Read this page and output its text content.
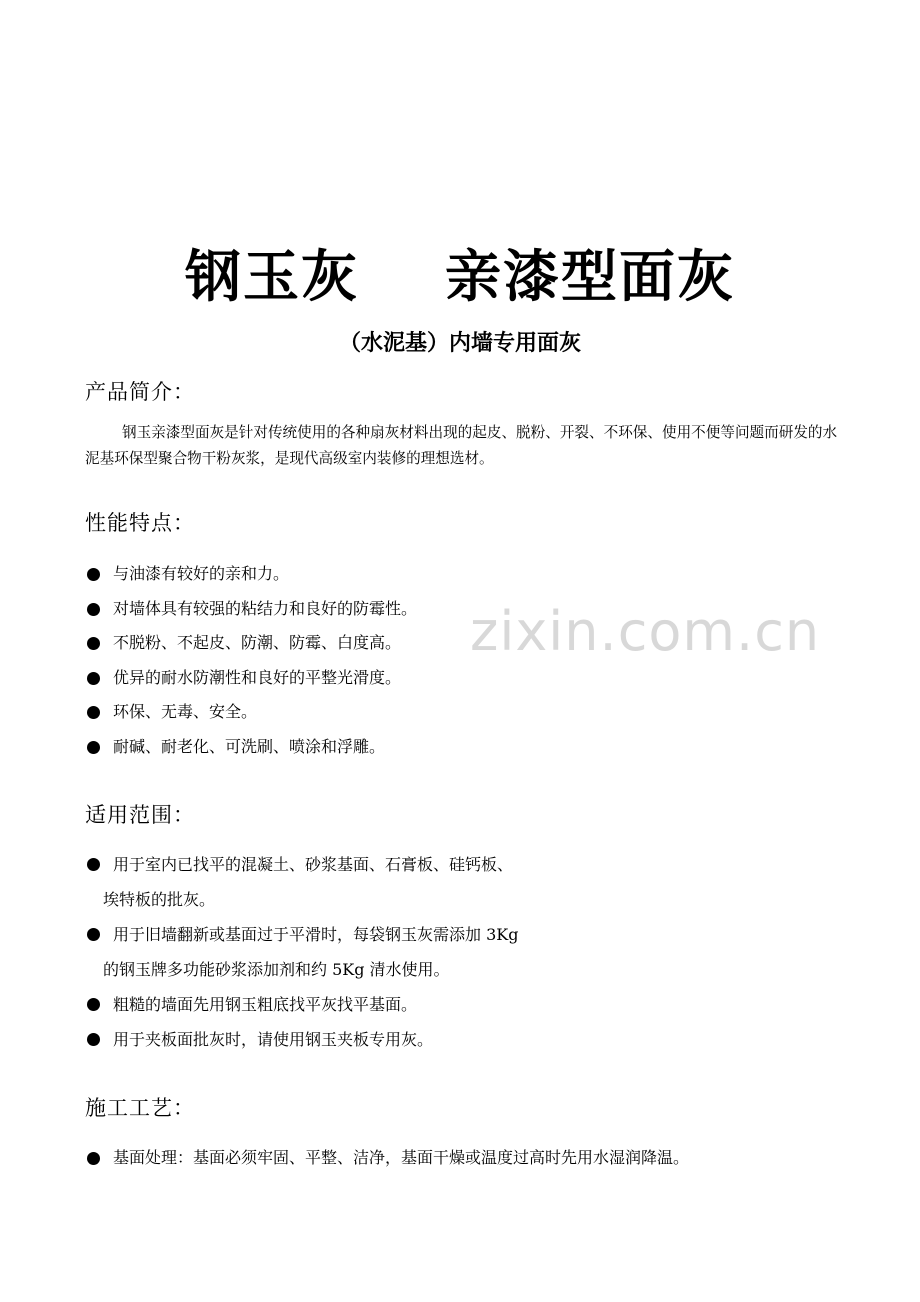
zixin.com.cn
钢玉灰    亲漆型面灰
（水泥基）内墙专用面灰
产品简介：
钢玉亲漆型面灰是针对传统使用的各种扇灰材料出现的起皮、脱粉、开裂、不环保、使用不便等问题而研发的水泥基环保型聚合物干粉灰浆，是现代高级室内装修的理想选材。
性能特点：
与油漆有较好的亲和力。
对墙体具有较强的粘结力和良好的防霉性。
不脱粉、不起皮、防潮、防霉、白度高。
优异的耐水防潮性和良好的平整光滑度。
环保、无毒、安全。
耐碱、耐老化、可洗刷、喷涂和浮雕。
适用范围：
用于室内已找平的混凝土、砂浆基面、石膏板、硅钙板、
埃特板的批灰。
用于旧墙翻新或基面过于平滑时，每袋钢玉灰需添加 3Kg
的钢玉牌多功能砂浆添加剂和约 5Kg 清水使用。
粗糙的墙面先用钢玉粗底找平灰找平基面。
用于夹板面批灰时，请使用钢玉夹板专用灰。
施工工艺：
基面处理：基面必须牢固、平整、洁净，基面干燥或温度过高时先用水湿润降温。
